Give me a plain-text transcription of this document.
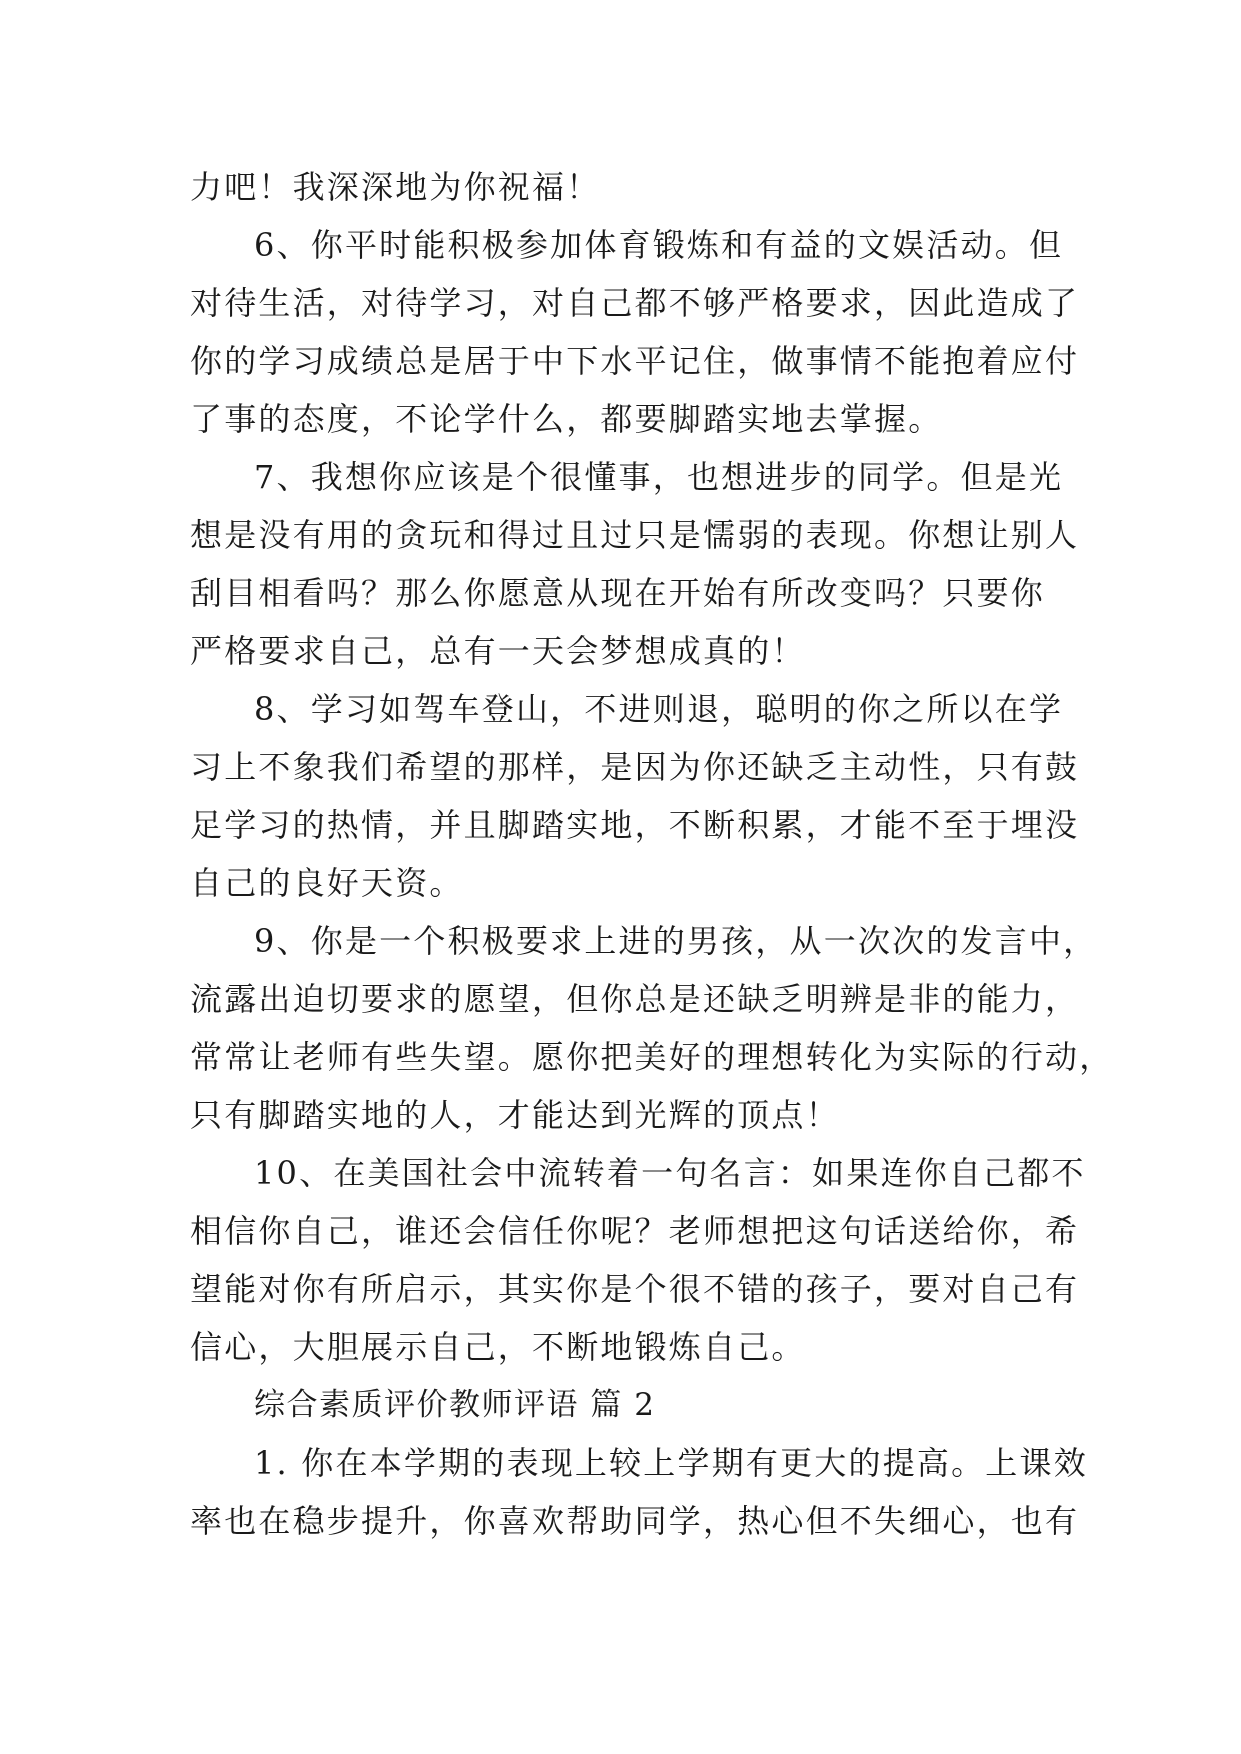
力吧！我深深地为你祝福！

6、你平时能积极参加体育锻炼和有益的文娱活动。但

对待生活，对待学习，对自己都不够严格要求，因此造成了

你的学习成绩总是居于中下水平记住，做事情不能抱着应付

了事的态度，不论学什么，都要脚踏实地去掌握。

7、我想你应该是个很懂事，也想进步的同学。但是光

想是没有用的贪玩和得过且过只是懦弱的表现。你想让别人

刮目相看吗？那么你愿意从现在开始有所改变吗？只要你

严格要求自己，总有一天会梦想成真的！

8、学习如驾车登山，不进则退，聪明的你之所以在学

习上不象我们希望的那样，是因为你还缺乏主动性，只有鼓

足学习的热情，并且脚踏实地，不断积累，才能不至于埋没

自己的良好天资。

9、你是一个积极要求上进的男孩，从一次次的发言中，

流露出迫切要求的愿望，但你总是还缺乏明辨是非的能力，

常常让老师有些失望。愿你把美好的理想转化为实际的行动，

只有脚踏实地的人，才能达到光辉的顶点！

10、在美国社会中流转着一句名言：如果连你自己都不

相信你自己，谁还会信任你呢？老师想把这句话送给你，希

望能对你有所启示，其实你是个很不错的孩子，要对自己有

信心，大胆展示自己，不断地锻炼自己。

综合素质评价教师评语 篇 2

1. 你在本学期的表现上较上学期有更大的提高。上课效

率也在稳步提升，你喜欢帮助同学，热心但不失细心，也有
